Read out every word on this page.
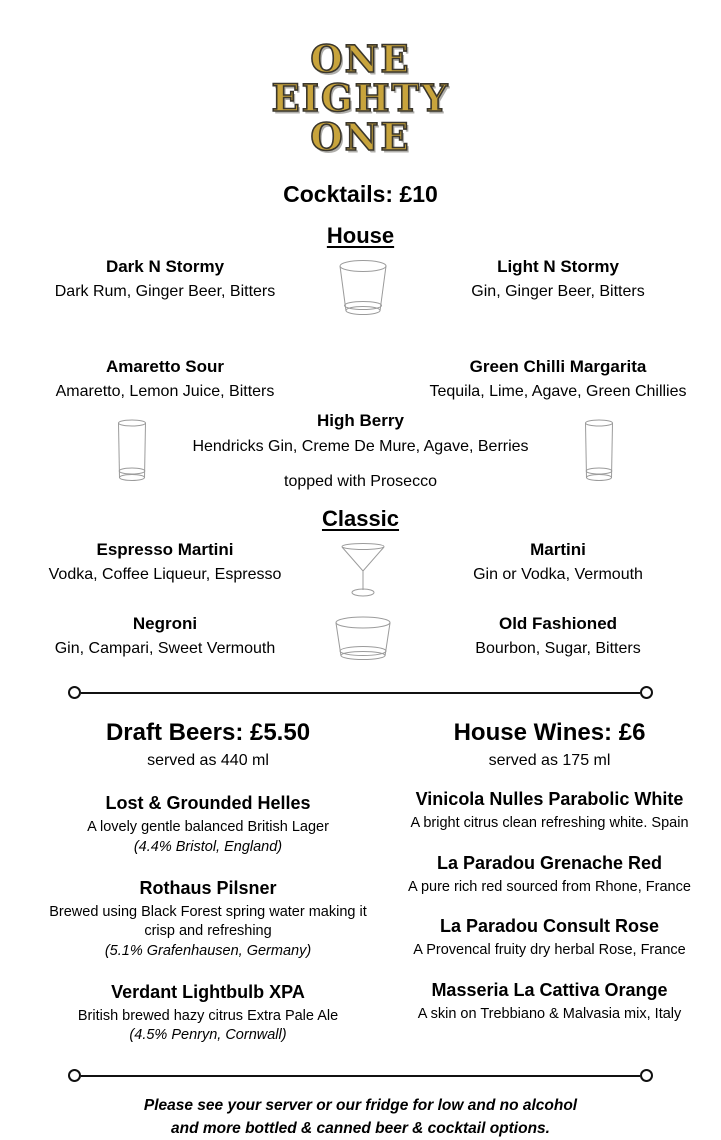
ONE
EIGHTY
ONE
Cocktails: £10
House
Dark N Stormy
Dark Rum, Ginger Beer, Bitters
Light N Stormy
Gin, Ginger Beer, Bitters
Amaretto Sour
Amaretto, Lemon Juice, Bitters
Green Chilli Margarita
Tequila, Lime, Agave, Green Chillies
High Berry
Hendricks Gin, Creme De Mure, Agave, Berries
topped with Prosecco
Classic
Espresso Martini
Vodka, Coffee Liqueur, Espresso
Martini
Gin or Vodka, Vermouth
Negroni
Gin, Campari, Sweet Vermouth
Old Fashioned
Bourbon, Sugar, Bitters
Draft Beers: £5.50
served as 440 ml
Lost & Grounded Helles
A lovely gentle balanced British Lager
(4.4% Bristol, England)
Rothaus Pilsner
Brewed using Black Forest spring water making it crisp and refreshing
(5.1% Grafenhausen, Germany)
Verdant Lightbulb XPA
British brewed hazy citrus Extra Pale Ale
(4.5% Penryn, Cornwall)
House Wines: £6
served as 175 ml
Vinicola Nulles Parabolic White
A bright citrus clean refreshing white. Spain
La Paradou Grenache Red
A pure rich red sourced from Rhone, France
La Paradou Consult Rose
A Provencal fruity dry herbal Rose, France
Masseria La Cattiva Orange
A skin on Trebbiano & Malvasia mix, Italy
Please see your server or our fridge for low and no alcohol
and more bottled & canned beer & cocktail options.
